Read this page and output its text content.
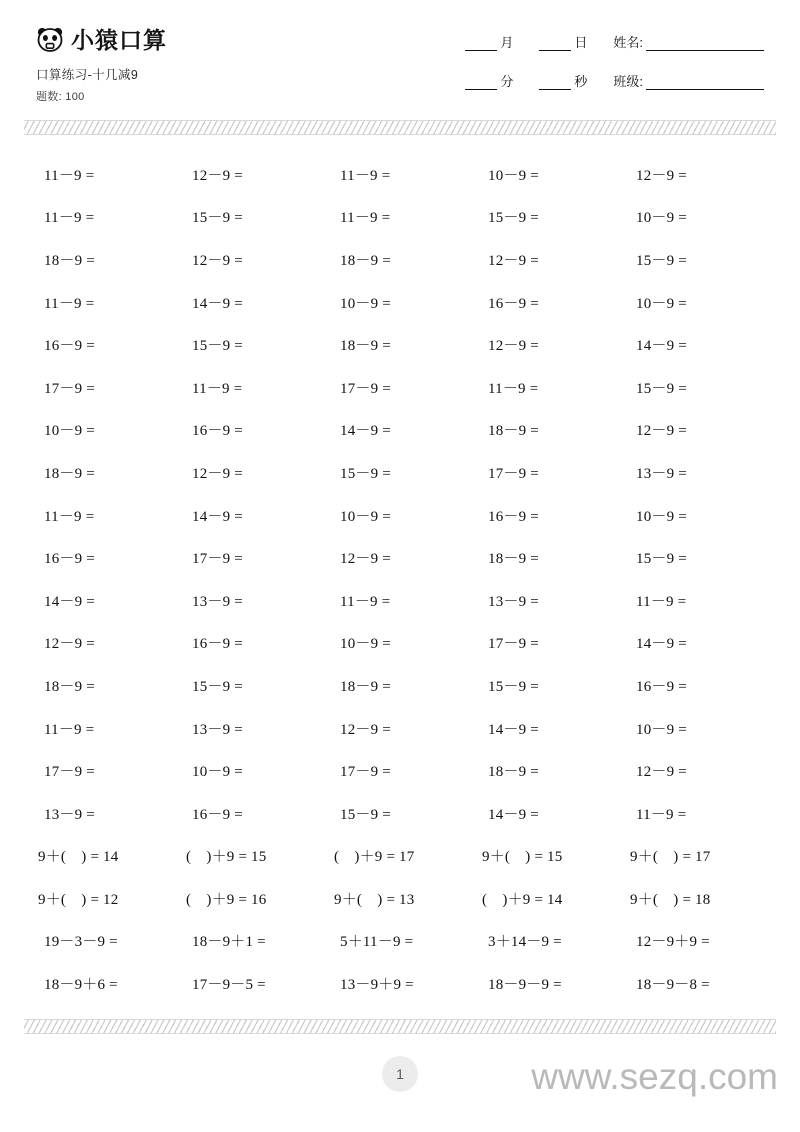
小猿口算
口算练习-十几减9
题数: 100
月	日 姓名:
分	秒 班级:
11－9 =	12－9 =	11－9 =	10－9 =	12－9 =
11－9 =	15－9 =	11－9 =	15－9 =	10－9 =
18－9 =	12－9 =	18－9 =	12－9 =	15－9 =
11－9 =	14－9 =	10－9 =	16－9 =	10－9 =
16－9 =	15－9 =	18－9 =	12－9 =	14－9 =
17－9 =	11－9 =	17－9 =	11－9 =	15－9 =
10－9 =	16－9 =	14－9 =	18－9 =	12－9 =
18－9 =	12－9 =	15－9 =	17－9 =	13－9 =
11－9 =	14－9 =	10－9 =	16－9 =	10－9 =
16－9 =	17－9 =	12－9 =	18－9 =	15－9 =
14－9 =	13－9 =	11－9 =	13－9 =	11－9 =
12－9 =	16－9 =	10－9 =	17－9 =	14－9 =
18－9 =	15－9 =	18－9 =	15－9 =	16－9 =
11－9 =	13－9 =	12－9 =	14－9 =	10－9 =
17－9 =	10－9 =	17－9 =	18－9 =	12－9 =
13－9 =	16－9 =	15－9 =	14－9 =	11－9 =
9＋(　) = 14	(　)＋9 = 15	(　)＋9 = 17	9＋(　) = 15	9＋(　) = 17
9＋(　) = 12	(　)＋9 = 16	9＋(　) = 13	(　)＋9 = 14	9＋(　) = 18
19－3－9 =	18－9＋1 =	5＋11－9 =	3＋14－9 =	12－9＋9 =
18－9＋6 =	17－9－5 =	13－9＋9 =	18－9－9 =	18－9－8 =
1	www.sezq.com
